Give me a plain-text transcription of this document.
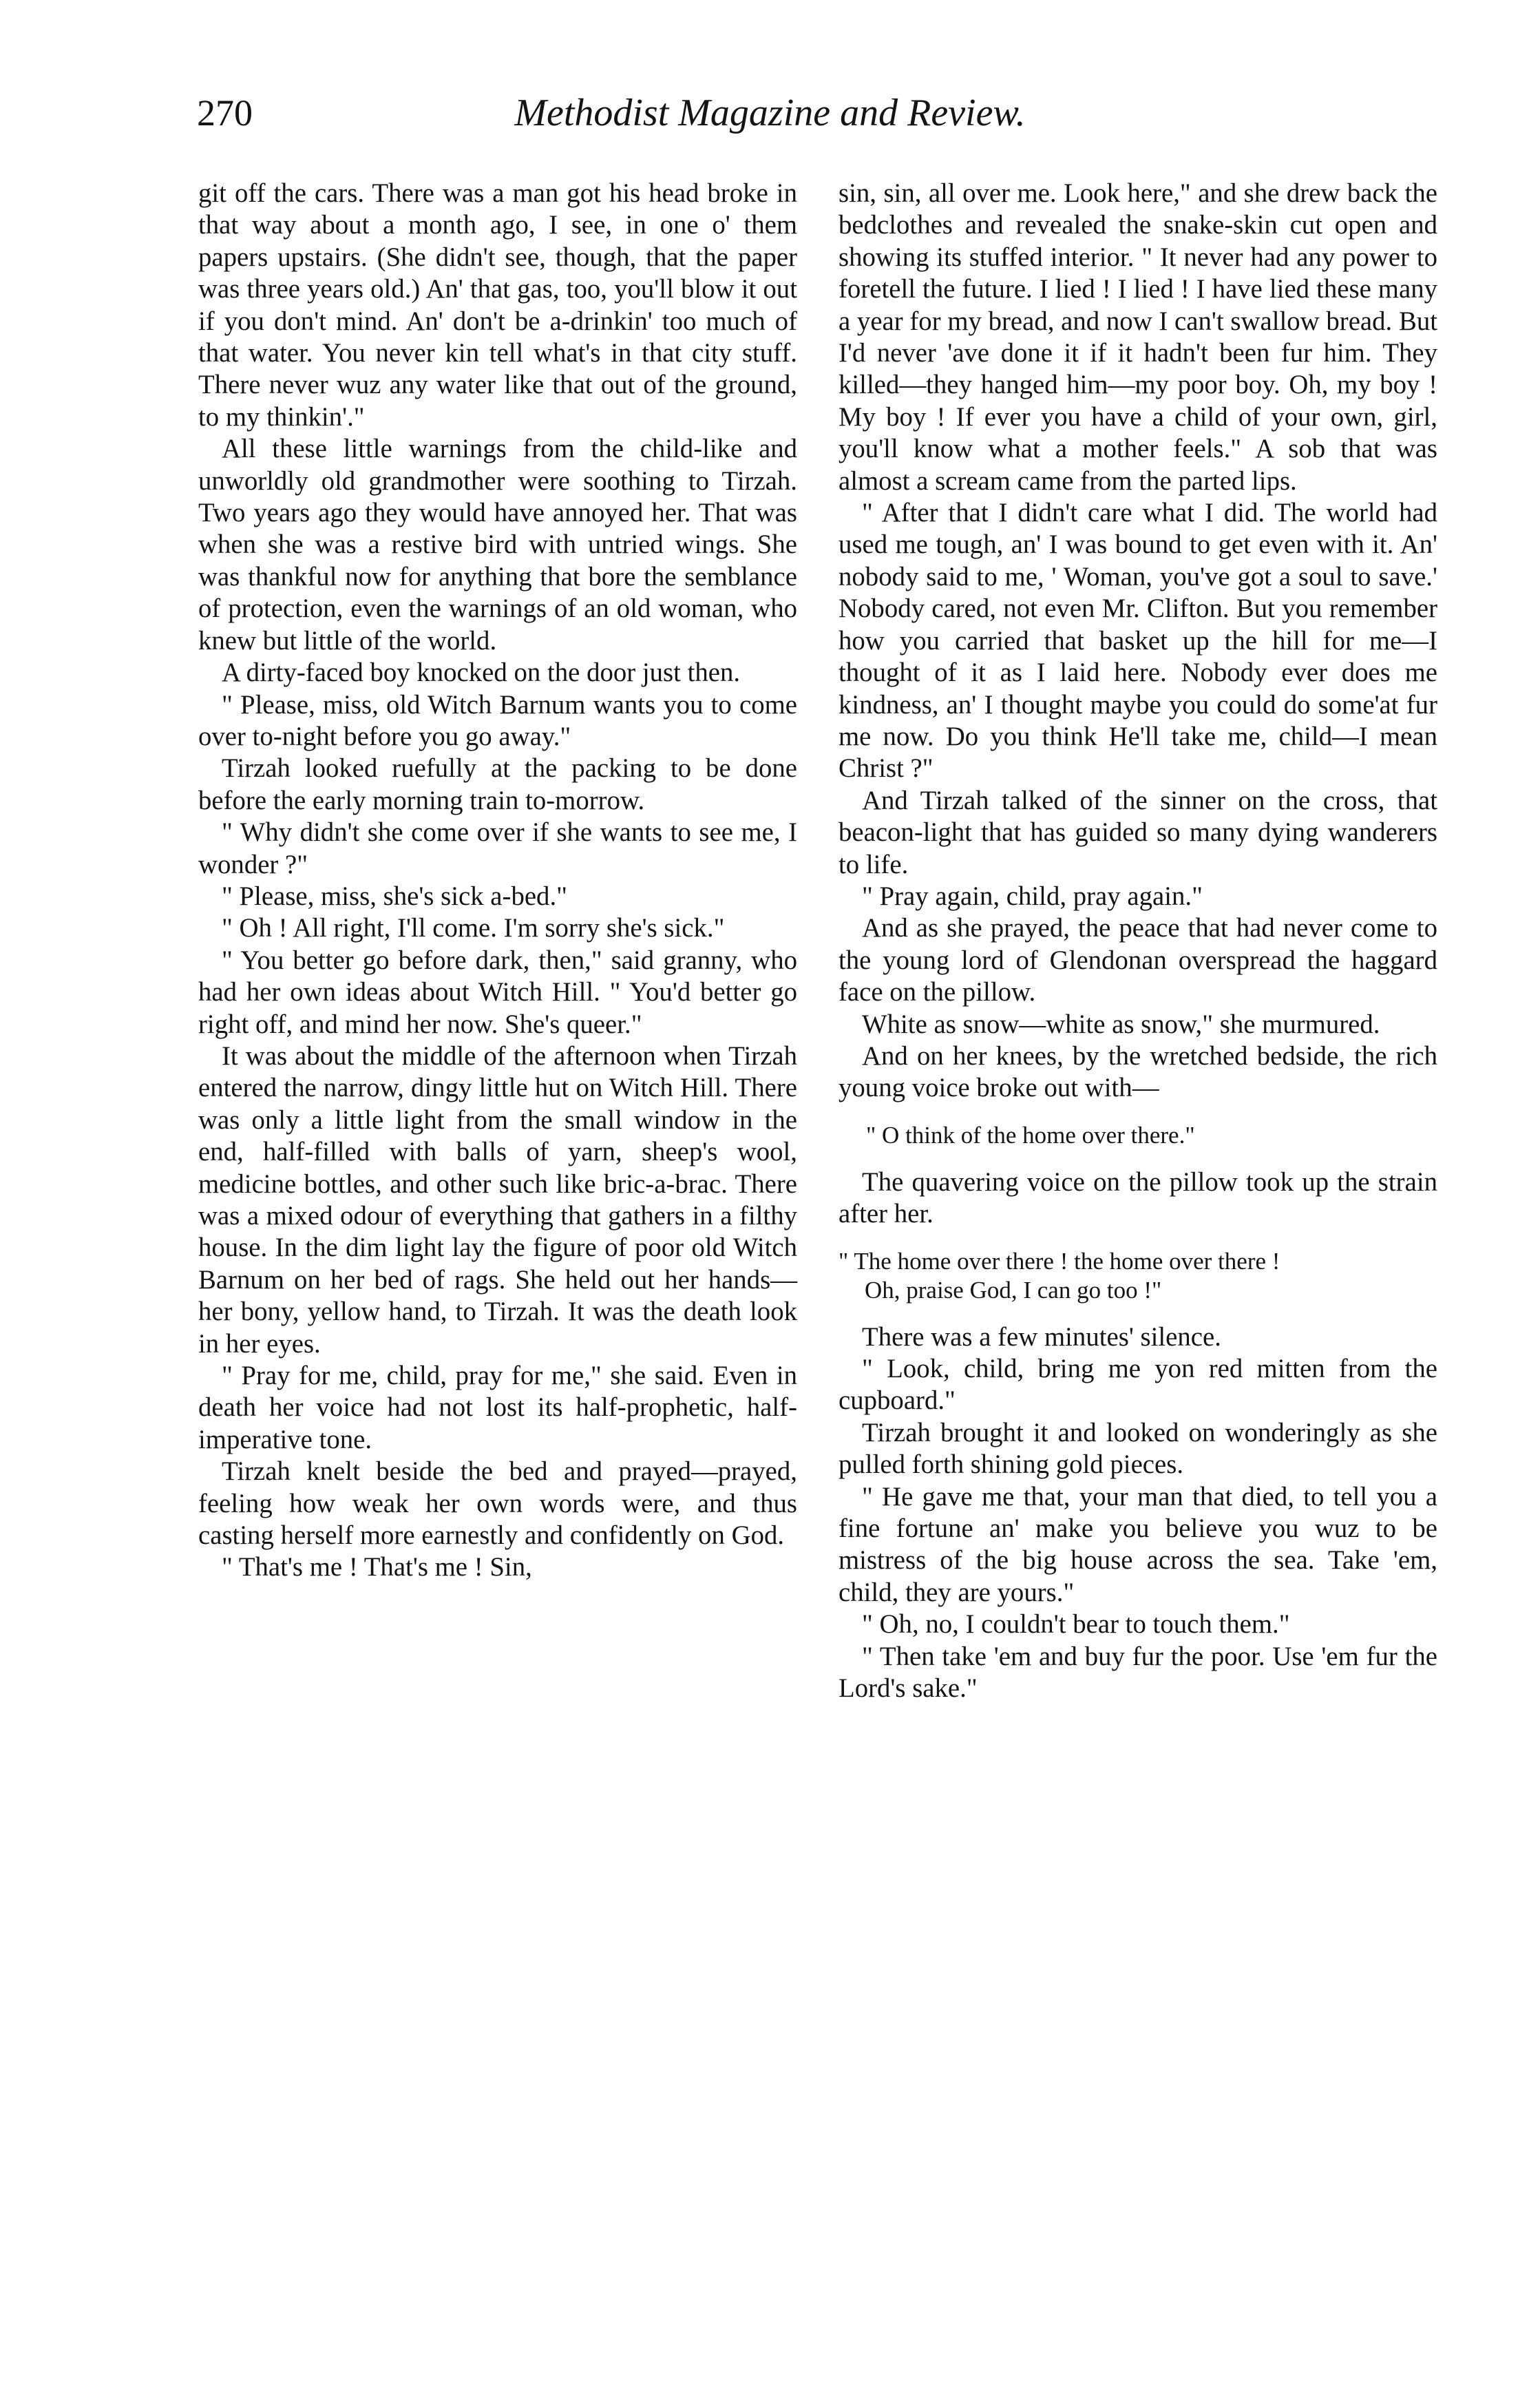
270	Methodist Magazine and Review.

git off the cars. There was a man got his head broke in that way about a month ago, I see, in one o' them papers upstairs. (She didn't see, though, that the paper was three years old.) An' that gas, too, you'll blow it out if you don't mind. An' don't be a-drinkin' too much of that water. You never kin tell what's in that city stuff. There never wuz any water like that out of the ground, to my thinkin'."

All these little warnings from the child-like and unworldly old grandmother were soothing to Tirzah. Two years ago they would have annoyed her. That was when she was a restive bird with untried wings. She was thankful now for anything that bore the semblance of protection, even the warnings of an old woman, who knew but little of the world.

A dirty-faced boy knocked on the door just then.

" Please, miss, old Witch Barnum wants you to come over to-night before you go away."

Tirzah looked ruefully at the packing to be done before the early morning train to-morrow.

" Why didn't she come over if she wants to see me, I wonder ?"

" Please, miss, she's sick a-bed."

" Oh ! All right, I'll come. I'm sorry she's sick."

" You better go before dark, then," said granny, who had her own ideas about Witch Hill. " You'd better go right off, and mind her now. She's queer."

It was about the middle of the afternoon when Tirzah entered the narrow, dingy little hut on Witch Hill. There was only a little light from the small window in the end, half-filled with balls of yarn, sheep's wool, medicine bottles, and other such like bric-a-brac. There was a mixed odour of everything that gathers in a filthy house. In the dim light lay the figure of poor old Witch Barnum on her bed of rags. She held out her hands—her bony, yellow hand, to Tirzah. It was the death look in her eyes.

" Pray for me, child, pray for me," she said. Even in death her voice had not lost its half-prophetic, half-imperative tone.

Tirzah knelt beside the bed and prayed—prayed, feeling how weak her own words were, and thus casting herself more earnestly and confidently on God.

" That's me ! That's me ! Sin,

sin, sin, all over me. Look here," and she drew back the bedclothes and revealed the snake-skin cut open and showing its stuffed interior. " It never had any power to foretell the future. I lied ! I lied ! I have lied these many a year for my bread, and now I can't swallow bread. But I'd never 'ave done it if it hadn't been fur him. They killed—they hanged him—my poor boy. Oh, my boy ! My boy ! If ever you have a child of your own, girl, you'll know what a mother feels." A sob that was almost a scream came from the parted lips.

" After that I didn't care what I did. The world had used me tough, an' I was bound to get even with it. An' nobody said to me, ' Woman, you've got a soul to save.' Nobody cared, not even Mr. Clifton. But you remember how you carried that basket up the hill for me—I thought of it as I laid here. Nobody ever does me kindness, an' I thought maybe you could do some'at fur me now. Do you think He'll take me, child—I mean Christ ?"

And Tirzah talked of the sinner on the cross, that beacon-light that has guided so many dying wanderers to life.

" Pray again, child, pray again."

And as she prayed, the peace that had never come to the young lord of Glendonan overspread the haggard face on the pillow.

White as snow—white as snow," she murmured.

And on her knees, by the wretched bedside, the rich young voice broke out with—

" O think of the home over there."

The quavering voice on the pillow took up the strain after her.

" The home over there ! the home over there !
Oh, praise God, I can go too !"

There was a few minutes' silence.

" Look, child, bring me yon red mitten from the cupboard."

Tirzah brought it and looked on wonderingly as she pulled forth shining gold pieces.

" He gave me that, your man that died, to tell you a fine fortune an' make you believe you wuz to be mistress of the big house across the sea. Take 'em, child, they are yours."

" Oh, no, I couldn't bear to touch them."

" Then take 'em and buy fur the poor. Use 'em fur the Lord's sake."
